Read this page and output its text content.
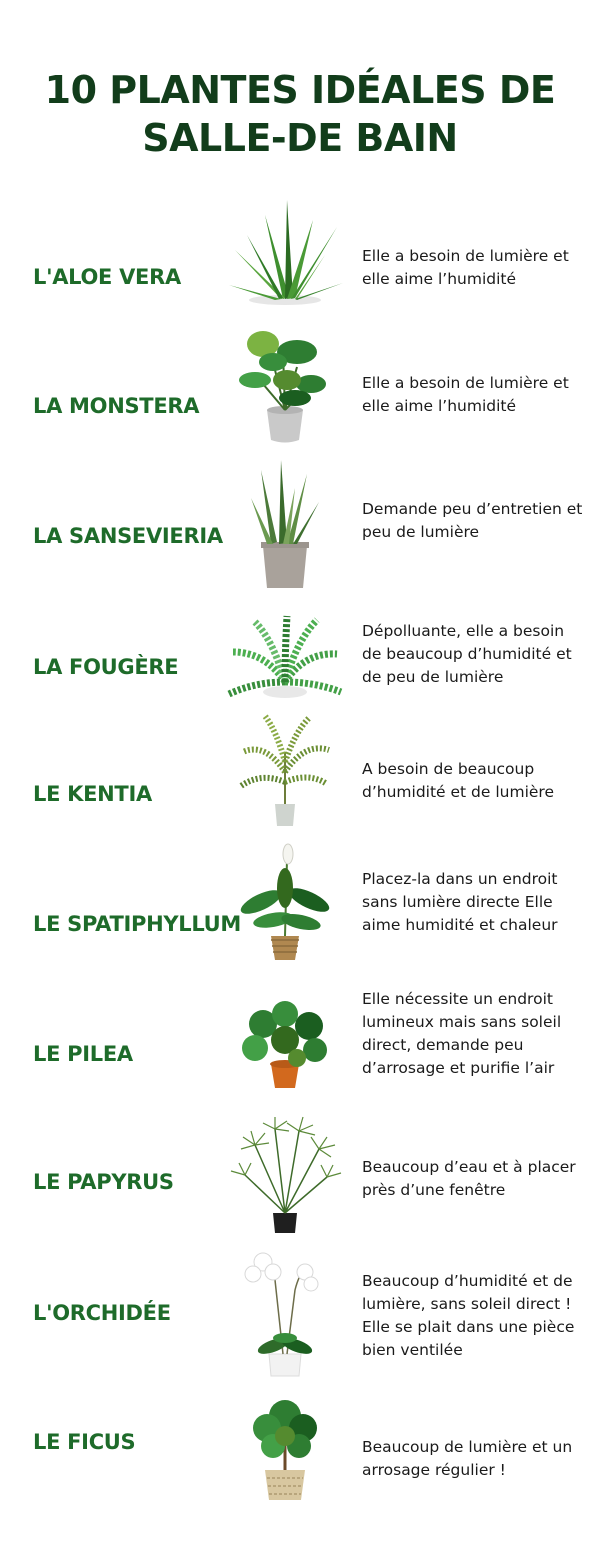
10 PLANTES IDÉALES DE
SALLE-DE BAIN
L'ALOE VERA
Elle a besoin de lumière et elle aime l’humidité
LA MONSTERA
Elle a besoin de lumière et elle aime l’humidité
LA SANSEVIERIA
Demande peu d’entretien et peu de lumière
LA FOUGÈRE
Dépolluante, elle a besoin de beaucoup d’humidité et de peu de lumière
LE KENTIA
A besoin de beaucoup d’humidité et de lumière
LE SPATIPHYLLUM
Placez-la dans un endroit sans lumière directe Elle aime humidité et chaleur
LE PILEA
Elle nécessite un endroit lumineux mais sans soleil direct, demande peu d’arrosage et purifie l’air
LE PAPYRUS
Beaucoup d’eau et à placer près d’une fenêtre
L'ORCHIDÉE
Beaucoup d’humidité et de lumière, sans soleil direct ! Elle se plait dans une pièce bien ventilée
LE FICUS	Beaucoup de lumière et un arrosage régulier !
